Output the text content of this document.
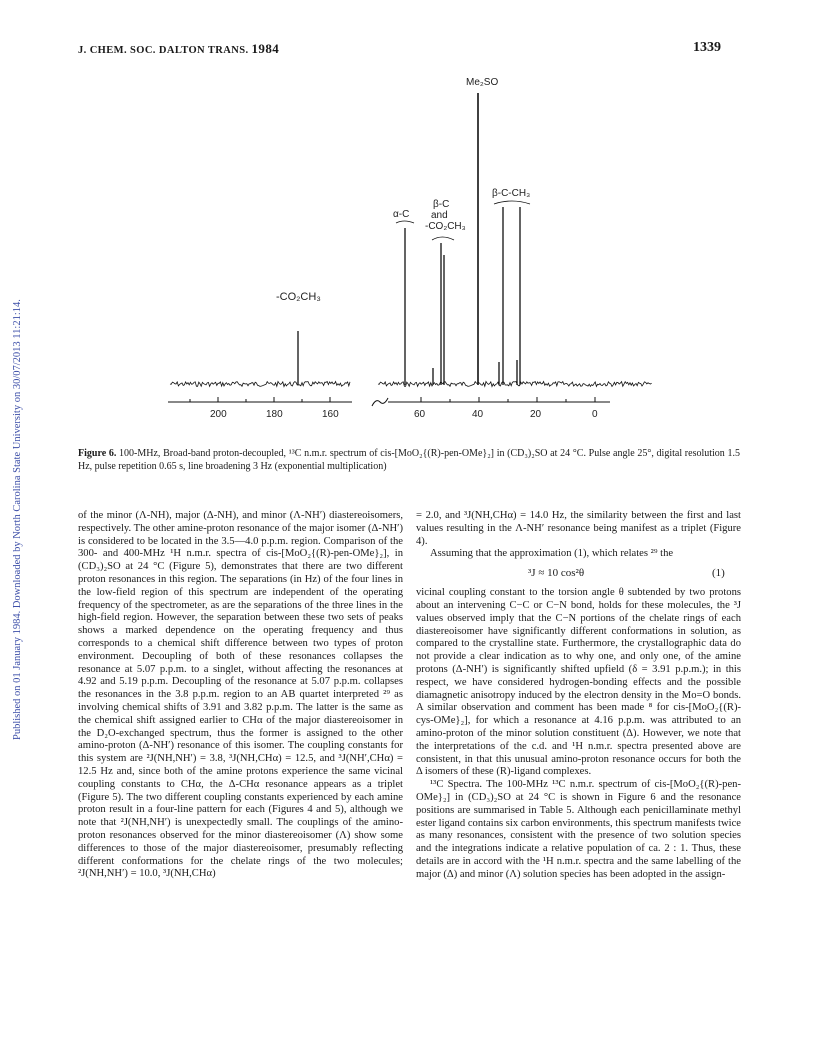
Published on 01 January 1984. Downloaded by North Carolina State University on 30/07/2013 11:21:14.
J. CHEM. SOC. DALTON TRANS. 1984	1339
Me₂SO
α-C
β-C
and
-CO₂CH₃
β-C-CH₃
-CO₂CH₃
200	180	160	60	40	20	0
Figure 6. 100-MHz, Broad-band proton-decoupled, ¹³C n.m.r. spectrum of cis-[MoO₂{(R)-pen-OMe}₂] in (CD₃)₂SO at 24 °C. Pulse angle 25°, digital resolution 1.5 Hz, pulse repetition 0.65 s, line broadening 3 Hz (exponential multiplication)

of the minor (Λ-NH), major (Δ-NH), and minor (Λ-NH′) diastereoisomers, respectively. The other amine-proton resonance of the major isomer (Δ-NH′) is considered to be located in the 3.5—4.0 p.p.m. region. Comparison of the 300- and 400-MHz ¹H n.m.r. spectra of cis-[MoO₂{(R)-pen-OMe}₂], in (CD₃)₂SO at 24 °C (Figure 5), demonstrates that there are two different proton resonances in this region. The separations (in Hz) of the four lines in the low-field region of this spectrum are independent of the operating frequency of the spectrometer, as are the separations of the three lines in the high-field region. However, the separation between these two sets of peaks shows a marked dependence on the operating frequency and thus corresponds to a chemical shift difference between two types of proton environment. Decoupling of both of these resonances collapses the resonance at 5.07 p.p.m. to a singlet, without affecting the resonances at 4.92 and 5.19 p.p.m. Decoupling of the resonance at 5.07 p.p.m. collapses the resonances in the 3.8 p.p.m. region to an AB quartet interpreted ²⁹ as involving chemical shifts of 3.91 and 3.82 p.p.m. The latter is the same as the chemical shift assigned earlier to CHα of the major diastereoisomer in the D₂O-exchanged spectrum, thus the former is assigned to the other amino-proton (Δ-NH′) resonance of this isomer. The coupling constants for this system are ²J(NH,NH′) = 3.8, ³J(NH,CHα) = 12.5, and ³J(NH′,CHα) = 12.5 Hz and, since both of the amine protons experience the same vicinal coupling constants to CHα, the Δ-CHα resonance appears as a triplet (Figure 5). The two different coupling constants experienced by each amine proton result in a four-line pattern for each (Figures 4 and 5), although we note that ²J(NH,NH′) is unexpectedly small. The couplings of the amino-proton resonances observed for the minor diastereoisomer (Λ) show some differences to those of the major diastereoisomer, presumably reflecting different conformations for the chelate rings of the two molecules; ²J(NH,NH′) = 10.0, ³J(NH,CHα)

= 2.0, and ³J(NH,CHα) = 14.0 Hz, the similarity between the first and last values resulting in the Λ-NH′ resonance being manifest as a triplet (Figure 4).

Assuming that the approximation (1), which relates ²⁹ the

³J ≈ 10 cos²θ	(1)

vicinal coupling constant to the torsion angle θ subtended by two protons about an intervening C−C or C−N bond, holds for these molecules, the ³J values observed imply that the C−N portions of the chelate rings of each diastereoisomer have significantly different conformations in solution, as compared to the crystalline state. Furthermore, the crystallographic data do not provide a clear indication as to why one, and only one, of the amine protons (Δ-NH′) is significantly shifted upfield (δ = 3.91 p.p.m.); in this respect, we have considered hydrogen-bonding effects and the possible diamagnetic anisotropy induced by the electron density in the Mo=O bonds. A similar observation and comment has been made ⁸ for cis-[MoO₂{(R)-cys-OMe}₂], for which a resonance at 4.16 p.p.m. was attributed to an amino-proton of the minor solution constituent (Δ). However, we note that the interpretations of the c.d. and ¹H n.m.r. spectra presented above are consistent, in that this unusual amino-proton resonance occurs for both the Δ isomers of these (R)-ligand complexes.

¹³C Spectra. The 100-MHz ¹³C n.m.r. spectrum of cis-[MoO₂{(R)-pen-OMe}₂] in (CD₃)₂SO at 24 °C is shown in Figure 6 and the resonance positions are summarised in Table 5. Although each penicillaminate methyl ester ligand contains six carbon environments, this spectrum manifests twice as many resonances, consistent with the presence of two solution species and the integrations indicate a relative population of ca. 2 : 1. Thus, these details are in accord with the ¹H n.m.r. spectra and the same labelling of the major (Δ) and minor (Λ) solution species has been adopted in the assign-
